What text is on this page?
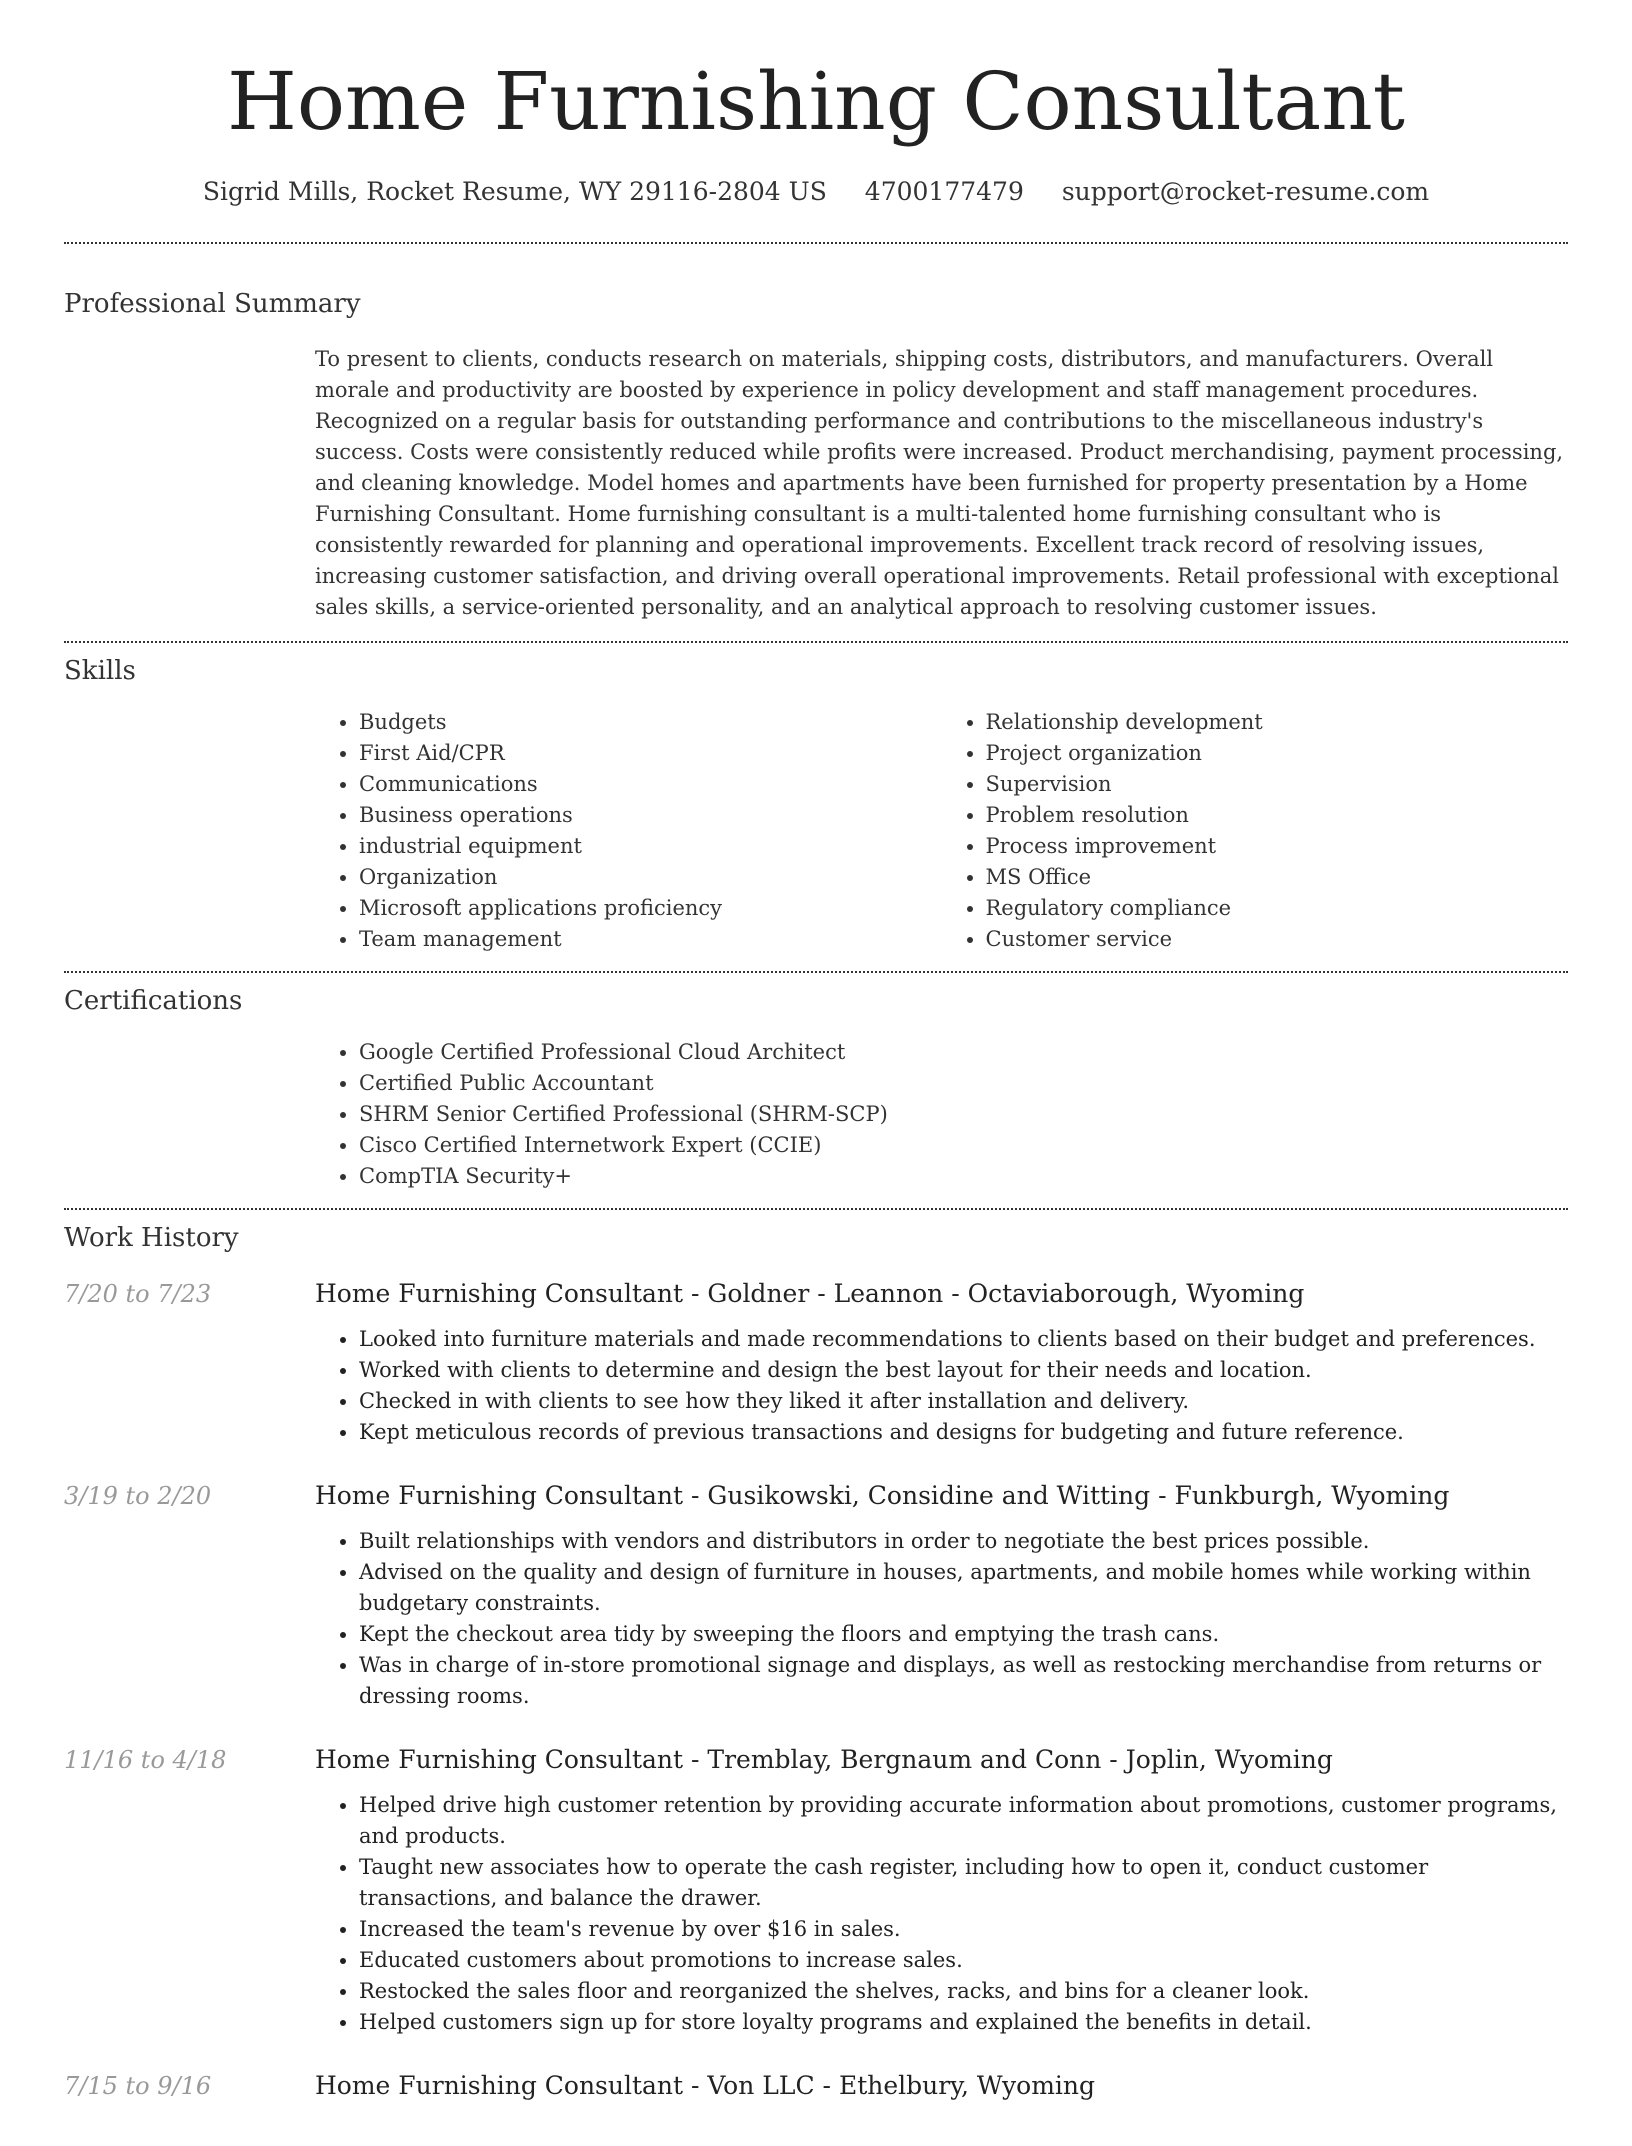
Home Furnishing Consultant
Sigrid Mills, Rocket Resume, WY 29116-2804 US 4700177479 support@rocket-resume.com
Professional Summary

To present to clients, conducts research on materials, shipping costs, distributors, and manufacturers. Overall morale and productivity are boosted by experience in policy development and staff management procedures. Recognized on a regular basis for outstanding performance and contributions to the miscellaneous industry's success. Costs were consistently reduced while profits were increased. Product merchandising, payment processing, and cleaning knowledge. Model homes and apartments have been furnished for property presentation by a Home Furnishing Consultant. Home furnishing consultant is a multi-talented home furnishing consultant who is consistently rewarded for planning and operational improvements. Excellent track record of resolving issues, increasing customer satisfaction, and driving overall operational improvements. Retail professional with exceptional sales skills, a service-oriented personality, and an analytical approach to resolving customer issues.

Skills
• Budgets
• First Aid/CPR
• Communications
• Business operations
• industrial equipment
• Organization
• Microsoft applications proficiency
• Team management
• Relationship development
• Project organization
• Supervision
• Problem resolution
• Process improvement
• MS Office
• Regulatory compliance
• Customer service
Certifications
• Google Certified Professional Cloud Architect
• Certified Public Accountant
• SHRM Senior Certified Professional (SHRM-SCP)
• Cisco Certified Internetwork Expert (CCIE)
• CompTIA Security+
Work History
7/20 to 7/23	Home Furnishing Consultant - Goldner - Leannon - Octaviaborough, Wyoming
• Looked into furniture materials and made recommendations to clients based on their budget and preferences.
• Worked with clients to determine and design the best layout for their needs and location.
• Checked in with clients to see how they liked it after installation and delivery.
• Kept meticulous records of previous transactions and designs for budgeting and future reference.
3/19 to 2/20	Home Furnishing Consultant - Gusikowski, Considine and Witting - Funkburgh, Wyoming
• Built relationships with vendors and distributors in order to negotiate the best prices possible.
• Advised on the quality and design of furniture in houses, apartments, and mobile homes while working within budgetary constraints.
• Kept the checkout area tidy by sweeping the floors and emptying the trash cans.
• Was in charge of in-store promotional signage and displays, as well as restocking merchandise from returns or dressing rooms.
11/16 to 4/18	Home Furnishing Consultant - Tremblay, Bergnaum and Conn - Joplin, Wyoming
• Helped drive high customer retention by providing accurate information about promotions, customer programs, and products.
• Taught new associates how to operate the cash register, including how to open it, conduct customer transactions, and balance the drawer.
• Increased the team's revenue by over $16 in sales.
• Educated customers about promotions to increase sales.
• Restocked the sales floor and reorganized the shelves, racks, and bins for a cleaner look.
• Helped customers sign up for store loyalty programs and explained the benefits in detail.
7/15 to 9/16	Home Furnishing Consultant - Von LLC - Ethelbury, Wyoming
